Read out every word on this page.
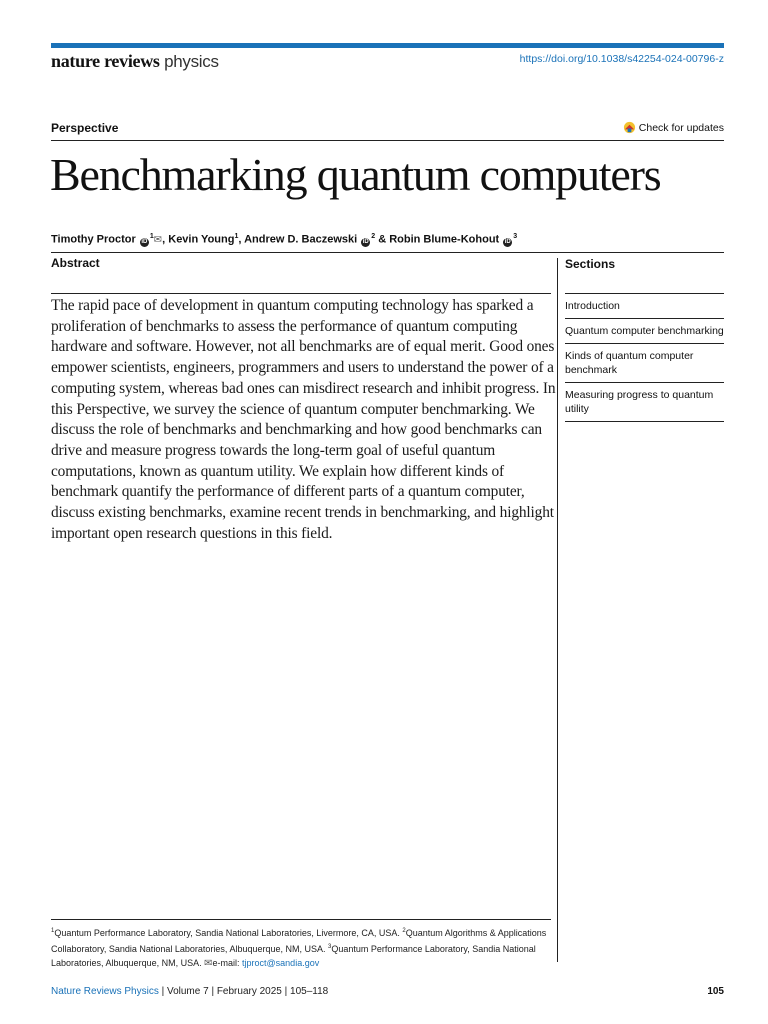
nature reviews physics	https://doi.org/10.1038/s42254-024-00796-z
Perspective	Check for updates
Benchmarking quantum computers
Timothy Proctor $iD^1✉$, Kevin Young$^1$, Andrew D. Baczewski $iD^2$ & Robin Blume-Kohout $iD^3$
Abstract

The rapid pace of development in quantum computing technology has sparked a proliferation of benchmarks to assess the performance of quantum computing hardware and software. However, not all benchmarks are of equal merit. Good ones empower scientists, engineers, programmers and users to understand the power of a computing system, whereas bad ones can misdirect research and inhibit progress. In this Perspective, we survey the science of quantum computer benchmarking. We discuss the role of benchmarks and benchmarking and how good benchmarks can drive and measure progress towards the long-term goal of useful quantum computations, known as quantum utility. We explain how different kinds of benchmark quantify the performance of different parts of a quantum computer, discuss existing benchmarks, examine recent trends in benchmarking, and highlight important open research questions in this field.

Sections
Introduction
Quantum computer benchmarking
Kinds of quantum computer benchmark
Measuring progress to quantum utility

$^1$Quantum Performance Laboratory, Sandia National Laboratories, Livermore, CA, USA. $^2$Quantum Algorithms & Applications Collaboratory, Sandia National Laboratories, Albuquerque, NM, USA. $^3$Quantum Performance Laboratory, Sandia National Laboratories, Albuquerque, NM, USA. ✉e-mail: tjproct@sandia.gov

Nature Reviews Physics | Volume 7 | February 2025 | 105–118	105
